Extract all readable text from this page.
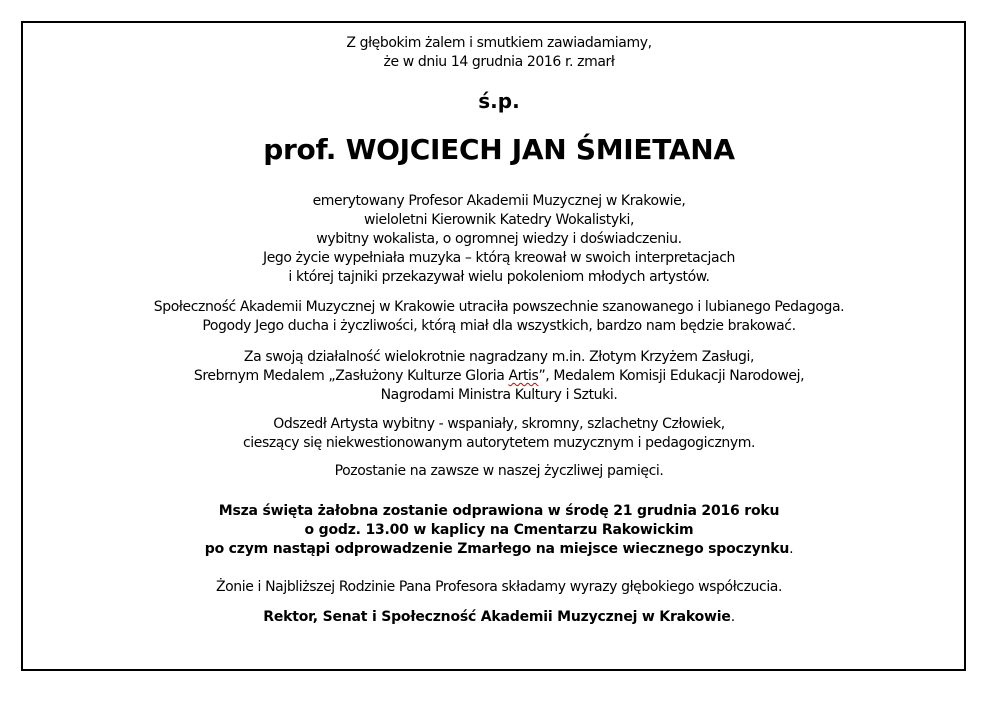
Z głębokim żalem i smutkiem zawiadamiamy,
że w dniu 14 grudnia 2016 r. zmarł
ś.p.
prof. WOJCIECH JAN ŚMIETANA
emerytowany Profesor Akademii Muzycznej w Krakowie,
wieloletni Kierownik Katedry Wokalistyki,
wybitny wokalista, o ogromnej wiedzy i doświadczeniu.
Jego życie wypełniała muzyka – którą kreował w swoich interpretacjach
i której tajniki przekazywał wielu pokoleniom młodych artystów.
Społeczność Akademii Muzycznej w Krakowie utraciła powszechnie szanowanego i lubianego Pedagoga.
Pogody Jego ducha i życzliwości, którą miał dla wszystkich, bardzo nam będzie brakować.
Za swoją działalność wielokrotnie nagradzany m.in. Złotym Krzyżem Zasługi,
Srebrnym Medalem „Zasłużony Kulturze Gloria Artis”, Medalem Komisji Edukacji Narodowej,
Nagrodami Ministra Kultury i Sztuki.
Odszedł Artysta wybitny - wspaniały, skromny, szlachetny Człowiek,
cieszący się niekwestionowanym autorytetem muzycznym i pedagogicznym.
Pozostanie na zawsze w naszej życzliwej pamięci.
Msza święta żałobna zostanie odprawiona w środę 21 grudnia 2016 roku
o godz. 13.00 w kaplicy na Cmentarzu Rakowickim
po czym nastąpi odprowadzenie Zmarłego na miejsce wiecznego spoczynku.
Żonie i Najbliższej Rodzinie Pana Profesora składamy wyrazy głębokiego współczucia.
Rektor, Senat i Społeczność Akademii Muzycznej w Krakowie.
